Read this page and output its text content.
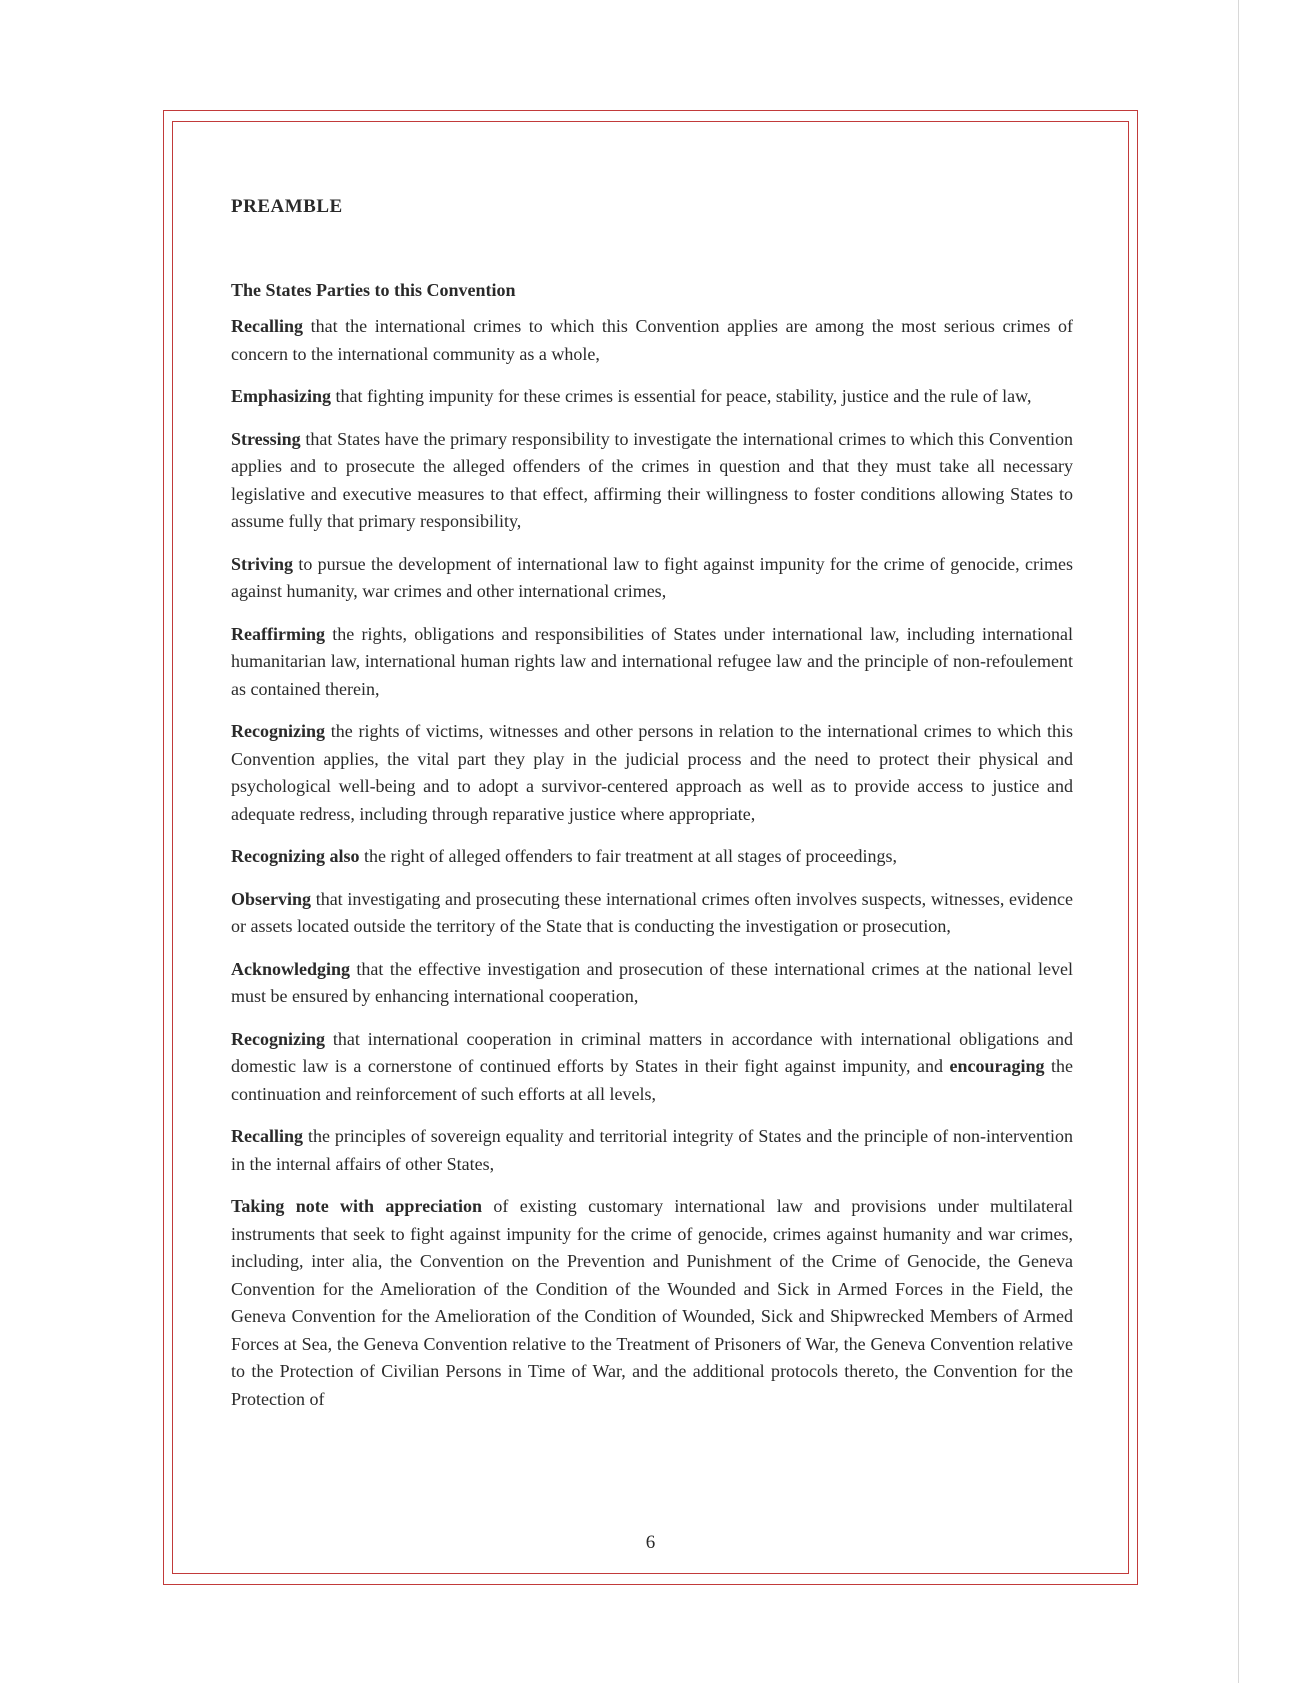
PREAMBLE
The States Parties to this Convention

Recalling that the international crimes to which this Convention applies are among the most serious crimes of concern to the international community as a whole,

Emphasizing that fighting impunity for these crimes is essential for peace, stability, justice and the rule of law,

Stressing that States have the primary responsibility to investigate the international crimes to which this Convention applies and to prosecute the alleged offenders of the crimes in question and that they must take all necessary legislative and executive measures to that effect, affirming their willingness to foster conditions allowing States to assume fully that primary responsibility,

Striving to pursue the development of international law to fight against impunity for the crime of genocide, crimes against humanity, war crimes and other international crimes,

Reaffirming the rights, obligations and responsibilities of States under international law, including international humanitarian law, international human rights law and international refugee law and the principle of non-refoulement as contained therein,

Recognizing the rights of victims, witnesses and other persons in relation to the international crimes to which this Convention applies, the vital part they play in the judicial process and the need to protect their physical and psychological well-being and to adopt a survivor-centered approach as well as to provide access to justice and adequate redress, including through reparative justice where appropriate,

Recognizing also the right of alleged offenders to fair treatment at all stages of proceedings,

Observing that investigating and prosecuting these international crimes often involves suspects, witnesses, evidence or assets located outside the territory of the State that is conducting the investigation or prosecution,

Acknowledging that the effective investigation and prosecution of these international crimes at the national level must be ensured by enhancing international cooperation,

Recognizing that international cooperation in criminal matters in accordance with international obligations and domestic law is a cornerstone of continued efforts by States in their fight against impunity, and encouraging the continuation and reinforcement of such efforts at all levels,

Recalling the principles of sovereign equality and territorial integrity of States and the principle of non-intervention in the internal affairs of other States,

Taking note with appreciation of existing customary international law and provisions under multilateral instruments that seek to fight against impunity for the crime of genocide, crimes against humanity and war crimes, including, inter alia, the Convention on the Prevention and Punishment of the Crime of Genocide, the Geneva Convention for the Amelioration of the Condition of the Wounded and Sick in Armed Forces in the Field, the Geneva Convention for the Amelioration of the Condition of Wounded, Sick and Shipwrecked Members of Armed Forces at Sea, the Geneva Convention relative to the Treatment of Prisoners of War, the Geneva Convention relative to the Protection of Civilian Persons in Time of War, and the additional protocols thereto, the Convention for the Protection of

6
